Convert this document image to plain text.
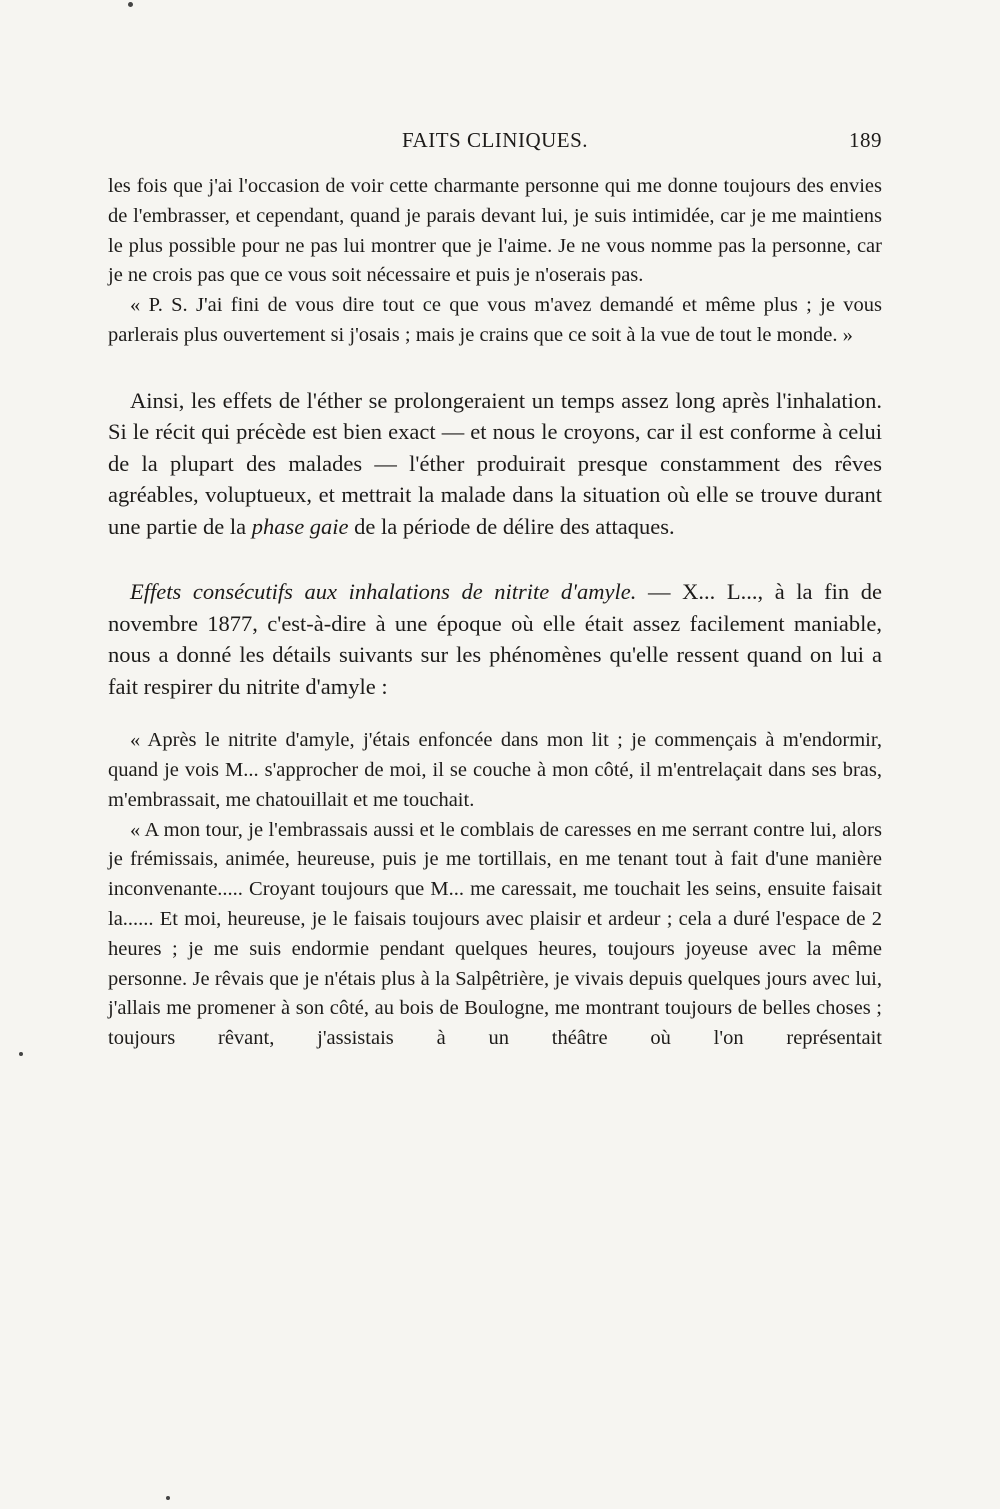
FAITS CLINIQUES.	189

les fois que j'ai l'occasion de voir cette charmante personne qui me donne toujours des envies de l'embrasser, et cependant, quand je parais devant lui, je suis intimidée, car je me maintiens le plus possible pour ne pas lui montrer que je l'aime. Je ne vous nomme pas la personne, car je ne crois pas que ce vous soit nécessaire et puis je n'oserais pas.

« P. S. J'ai fini de vous dire tout ce que vous m'avez demandé et même plus ; je vous parlerais plus ouvertement si j'osais ; mais je crains que ce soit à la vue de tout le monde. »

Ainsi, les effets de l'éther se prolongeraient un temps assez long après l'inhalation. Si le récit qui précède est bien exact — et nous le croyons, car il est conforme à celui de la plupart des malades — l'éther produirait presque constamment des rêves agréables, voluptueux, et mettrait la malade dans la situation où elle se trouve durant une partie de la phase gaie de la période de délire des attaques.

Effets consécutifs aux inhalations de nitrite d'amyle. — X... L..., à la fin de novembre 1877, c'est-à-dire à une époque où elle était assez facilement maniable, nous a donné les détails suivants sur les phénomènes qu'elle ressent quand on lui a fait respirer du nitrite d'amyle :

« Après le nitrite d'amyle, j'étais enfoncée dans mon lit ; je commençais à m'endormir, quand je vois M... s'approcher de moi, il se couche à mon côté, il m'entrelaçait dans ses bras, m'embrassait, me chatouillait et me touchait.

« A mon tour, je l'embrassais aussi et le comblais de caresses en me serrant contre lui, alors je frémissais, animée, heureuse, puis je me tortillais, en me tenant tout à fait d'une manière inconvenante..... Croyant toujours que M... me caressait, me touchait les seins, ensuite faisait la...... Et moi, heureuse, je le faisais toujours avec plaisir et ardeur ; cela a duré l'espace de 2 heures ; je me suis endormie pendant quelques heures, toujours joyeuse avec la même personne. Je rêvais que je n'étais plus à la Salpêtrière, je vivais depuis quelques jours avec lui, j'allais me promener à son côté, au bois de Boulogne, me montrant toujours de belles choses ; toujours rêvant, j'assistais à un théâtre où l'on représentait
